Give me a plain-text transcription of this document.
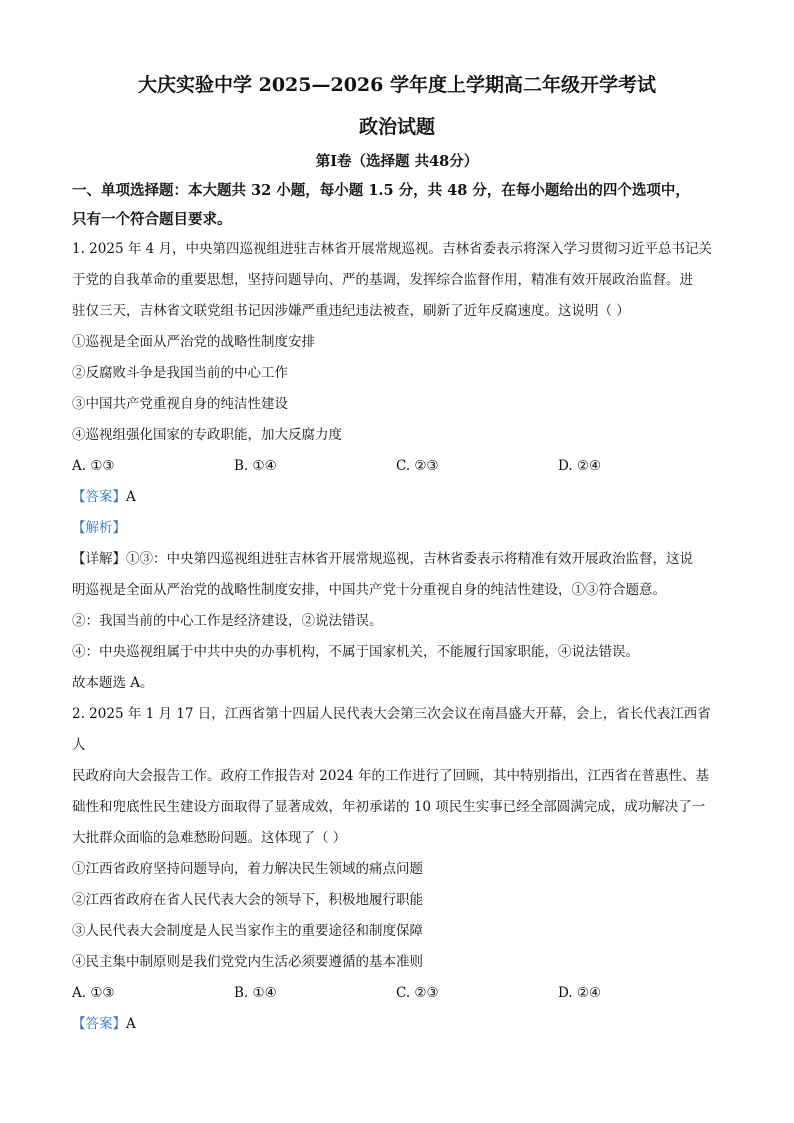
大庆实验中学 2025—2026 学年度上学期高二年级开学考试
政治试题
第Ⅰ卷（选择题 共48分）
一、单项选择题：本大题共 32 小题，每小题 1.5 分，共 48 分，在每小题给出的四个选项中，
只有一个符合题目要求。
1. 2025 年 4 月，中央第四巡视组进驻吉林省开展常规巡视。吉林省委表示将深入学习贯彻习近平总书记关
于党的自我革命的重要思想，坚持问题导向、严的基调，发挥综合监督作用，精准有效开展政治监督。进
驻仅三天，吉林省文联党组书记因涉嫌严重违纪违法被查，刷新了近年反腐速度。这说明（ ）
①巡视是全面从严治党的战略性制度安排
②反腐败斗争是我国当前的中心工作
③中国共产党重视自身的纯洁性建设
④巡视组强化国家的专政职能，加大反腐力度
A. ①③	B. ①④	C. ②③	D. ②④
【答案】A
【解析】
【详解】①③：中央第四巡视组进驻吉林省开展常规巡视，吉林省委表示将精准有效开展政治监督，这说
明巡视是全面从严治党的战略性制度安排，中国共产党十分重视自身的纯洁性建设，①③符合题意。
②：我国当前的中心工作是经济建设，②说法错误。
④：中央巡视组属于中共中央的办事机构，不属于国家机关，不能履行国家职能，④说法错误。
故本题选 A。
2. 2025 年 1 月 17 日，江西省第十四届人民代表大会第三次会议在南昌盛大开幕，会上，省长代表江西省人
民政府向大会报告工作。政府工作报告对 2024 年的工作进行了回顾，其中特别指出，江西省在普惠性、基
础性和兜底性民生建设方面取得了显著成效，年初承诺的 10 项民生实事已经全部圆满完成，成功解决了一
大批群众面临的急难愁盼问题。这体现了（ ）
①江西省政府坚持问题导向，着力解决民生领域的痛点问题
②江西省政府在省人民代表大会的领导下，积极地履行职能
③人民代表大会制度是人民当家作主的重要途径和制度保障
④民主集中制原则是我们党党内生活必须要遵循的基本准则
A. ①③	B. ①④	C. ②③	D. ②④
【答案】A
